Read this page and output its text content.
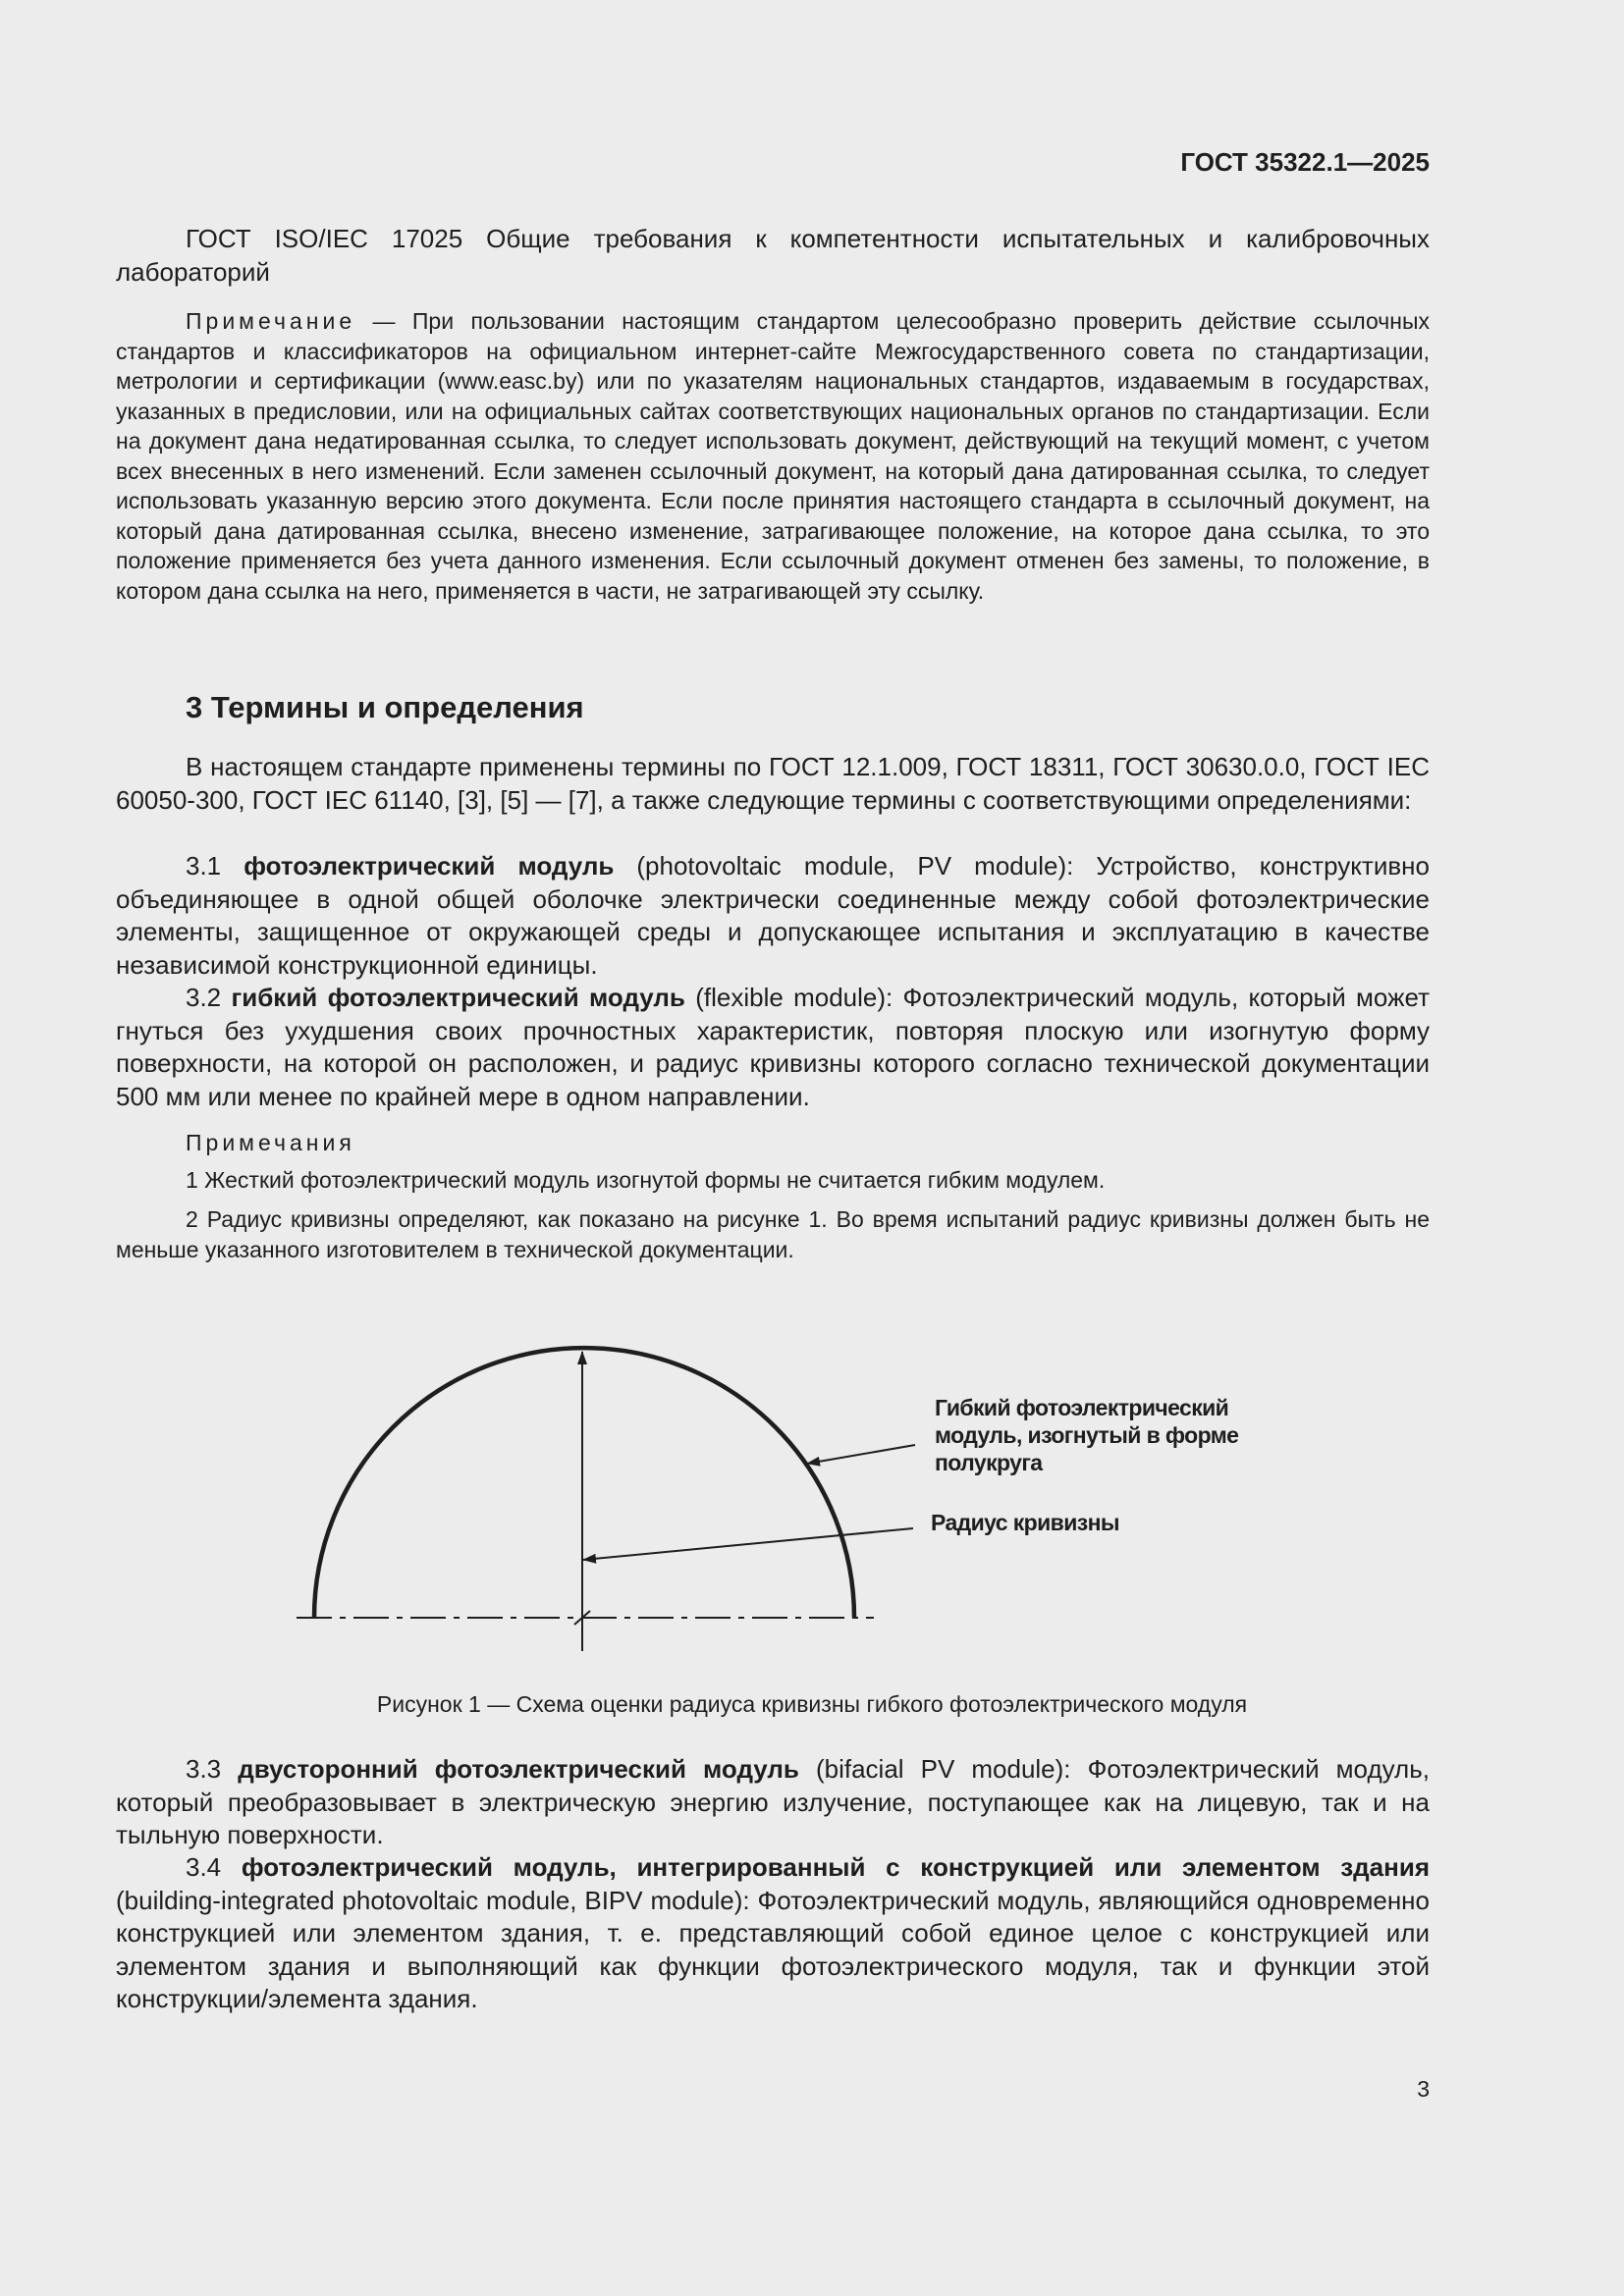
ГОСТ 35322.1—2025

ГОСТ ISO/IEC 17025 Общие требования к компетентности испытательных и калибровочных лабораторий

Примечание — При пользовании настоящим стандартом целесообразно проверить действие ссылочных стандартов и классификаторов на официальном интернет-сайте Межгосударственного совета по стандартизации, метрологии и сертификации (www.easc.by) или по указателям национальных стандартов, издаваемым в государствах, указанных в предисловии, или на официальных сайтах соответствующих национальных органов по стандартизации. Если на документ дана недатированная ссылка, то следует использовать документ, действующий на текущий момент, с учетом всех внесенных в него изменений. Если заменен ссылочный документ, на который дана датированная ссылка, то следует использовать указанную версию этого документа. Если после принятия настоящего стандарта в ссылочный документ, на который дана датированная ссылка, внесено изменение, затрагивающее положение, на которое дана ссылка, то это положение применяется без учета данного изменения. Если ссылочный документ отменен без замены, то положение, в котором дана ссылка на него, применяется в части, не затрагивающей эту ссылку.

3 Термины и определения

В настоящем стандарте применены термины по ГОСТ 12.1.009, ГОСТ 18311, ГОСТ 30630.0.0, ГОСТ IEC 60050-300, ГОСТ IEC 61140, [3], [5] — [7], а также следующие термины с соответствующими определениями:

3.1 фотоэлектрический модуль (photovoltaic module, PV module): Устройство, конструктивно объединяющее в одной общей оболочке электрически соединенные между собой фотоэлектрические элементы, защищенное от окружающей среды и допускающее испытания и эксплуатацию в качестве независимой конструкционной единицы.

3.2 гибкий фотоэлектрический модуль (flexible module): Фотоэлектрический модуль, который может гнуться без ухудшения своих прочностных характеристик, повторяя плоскую или изогнутую форму поверхности, на которой он расположен, и радиус кривизны которого согласно технической документации 500 мм или менее по крайней мере в одном направлении.

Примечания

1 Жесткий фотоэлектрический модуль изогнутой формы не считается гибким модулем.

2 Радиус кривизны определяют, как показано на рисунке 1. Во время испытаний радиус кривизны должен быть не меньше указанного изготовителем в технической документации.

Гибкий фотоэлектрический
модуль, изогнутый в форме
полукруга
Радиус кривизны
Рисунок 1 — Схема оценки радиуса кривизны гибкого фотоэлектрического модуля

3.3 двусторонний фотоэлектрический модуль (bifacial PV module): Фотоэлектрический модуль, который преобразовывает в электрическую энергию излучение, поступающее как на лицевую, так и на тыльную поверхности.

3.4 фотоэлектрический модуль, интегрированный с конструкцией или элементом здания (building-integrated photovoltaic module, BIPV module): Фотоэлектрический модуль, являющийся одновременно конструкцией или элементом здания, т. е. представляющий собой единое целое с конструкцией или элементом здания и выполняющий как функции фотоэлектрического модуля, так и функции этой конструкции/элемента здания.

3
